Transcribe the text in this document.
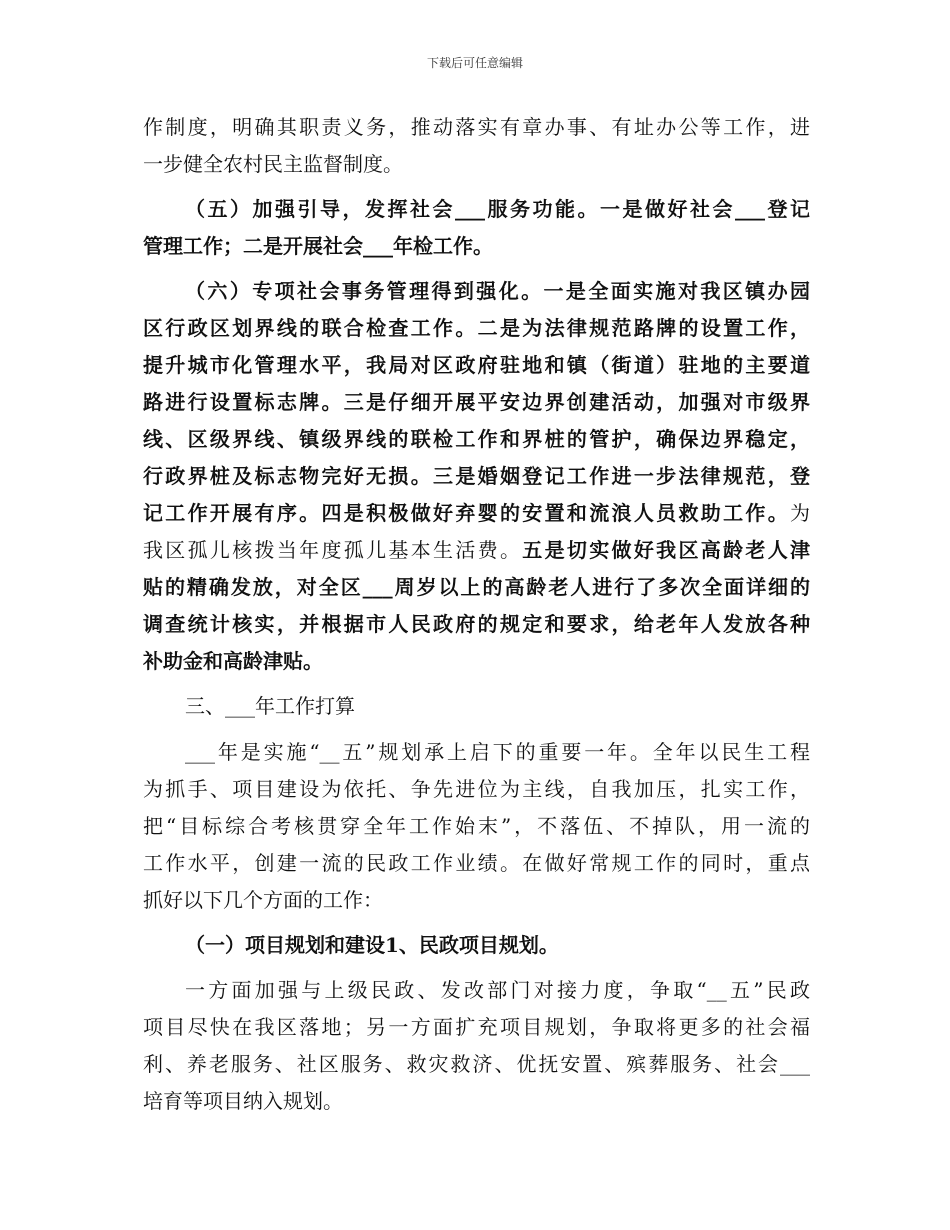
下载后可任意编辑
作制度，明确其职责义务，推动落实有章办事、有址办公等工作，进
一步健全农村民主监督制度。
（五）加强引导，发挥社会___服务功能。一是做好社会___登记
管理工作；二是开展社会___年检工作。
（六）专项社会事务管理得到强化。一是全面实施对我区镇办园
区行政区划界线的联合检查工作。二是为法律规范路牌的设置工作，
提升城市化管理水平，我局对区政府驻地和镇（街道）驻地的主要道
路进行设置标志牌。三是仔细开展平安边界创建活动，加强对市级界
线、区级界线、镇级界线的联检工作和界桩的管护，确保边界稳定，
行政界桩及标志物完好无损。三是婚姻登记工作进一步法律规范，登
记工作开展有序。四是积极做好弃婴的安置和流浪人员救助工作。为
我区孤儿核拨当年度孤儿基本生活费。五是切实做好我区高龄老人津
贴的精确发放，对全区___周岁以上的高龄老人进行了多次全面详细的
调查统计核实，并根据市人民政府的规定和要求，给老年人发放各种
补助金和高龄津贴。
三、___年工作打算
___年是实施“__五”规划承上启下的重要一年。全年以民生工程
为抓手、项目建设为依托、争先进位为主线，自我加压，扎实工作，
把“目标综合考核贯穿全年工作始末”，不落伍、不掉队，用一流的
工作水平，创建一流的民政工作业绩。在做好常规工作的同时，重点
抓好以下几个方面的工作：
（一）项目规划和建设1、民政项目规划。
一方面加强与上级民政、发改部门对接力度，争取“__五”民政
项目尽快在我区落地；另一方面扩充项目规划，争取将更多的社会福
利、养老服务、社区服务、救灾救济、优抚安置、殡葬服务、社会___
培育等项目纳入规划。
